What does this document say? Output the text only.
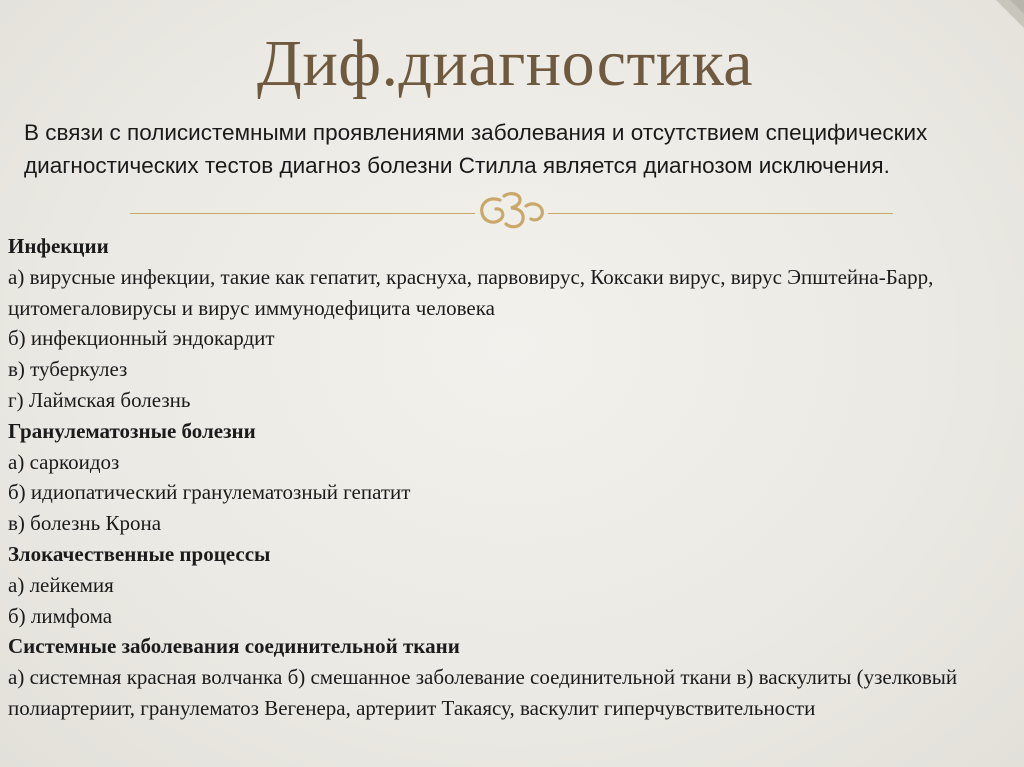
Диф.диагностика
В связи с полисистемными проявлениями заболевания и отсутствием специфических диагностических тестов диагноз болезни Стилла является диагнозом исключения.
Инфекции
а) вирусные инфекции, такие как гепатит, краснуха, парвовирус, Коксаки вирус, вирус Эпштейна-Барр, цитомегаловирусы и вирус иммунодефицита человека
б) инфекционный эндокардит
в) туберкулез
г) Лаймская болезнь
Гранулематозные болезни
а) саркоидоз
б) идиопатический гранулематозный гепатит
в) болезнь Крона
Злокачественные процессы
а) лейкемия
б) лимфома
Системные заболевания соединительной ткани
а) системная красная волчанка б) смешанное заболевание соединительной ткани в) васкулиты (узелковый полиартериит, гранулематоз Вегенера, артериит Такаясу, васкулит гиперчувствительности
